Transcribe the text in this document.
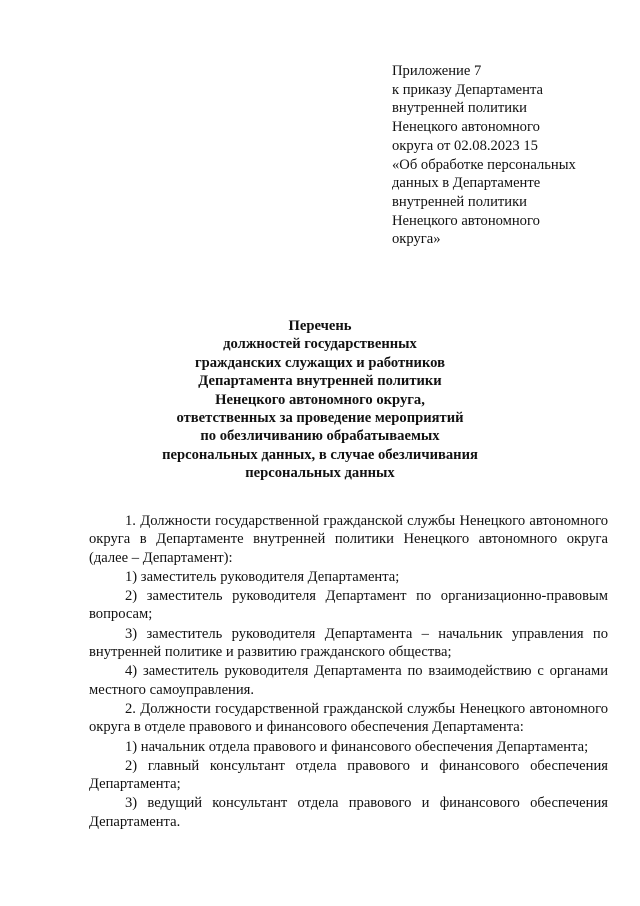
Приложение 7
к приказу Департамента
внутренней политики
Ненецкого автономного
округа от 02.08.2023 15
«Об обработке персональных
данных в Департаменте
внутренней политики
Ненецкого автономного
округа»
Перечень
должностей государственных
гражданских служащих и работников
Департамента внутренней политики
Ненецкого автономного округа,
ответственных за проведение мероприятий
по обезличиванию обрабатываемых
персональных данных, в случае обезличивания
персональных данных

1. Должности государственной гражданской службы Ненецкого автономного округа в Департаменте внутренней политики Ненецкого автономного округа (далее – Департамент):

1) заместитель руководителя Департамента;

2) заместитель руководителя Департамент по организационно-правовым вопросам;

3) заместитель руководителя Департамента – начальник управления по внутренней политике и развитию гражданского общества;

4) заместитель руководителя Департамента по взаимодействию с органами местного самоуправления.

2. Должности государственной гражданской службы Ненецкого автономного округа в отделе правового и финансового обеспечения Департамента:

1) начальник отдела правового и финансового обеспечения Департамента;

2) главный консультант отдела правового и финансового обеспечения Департамента;

3) ведущий консультант отдела правового и финансового обеспечения Департамента.
